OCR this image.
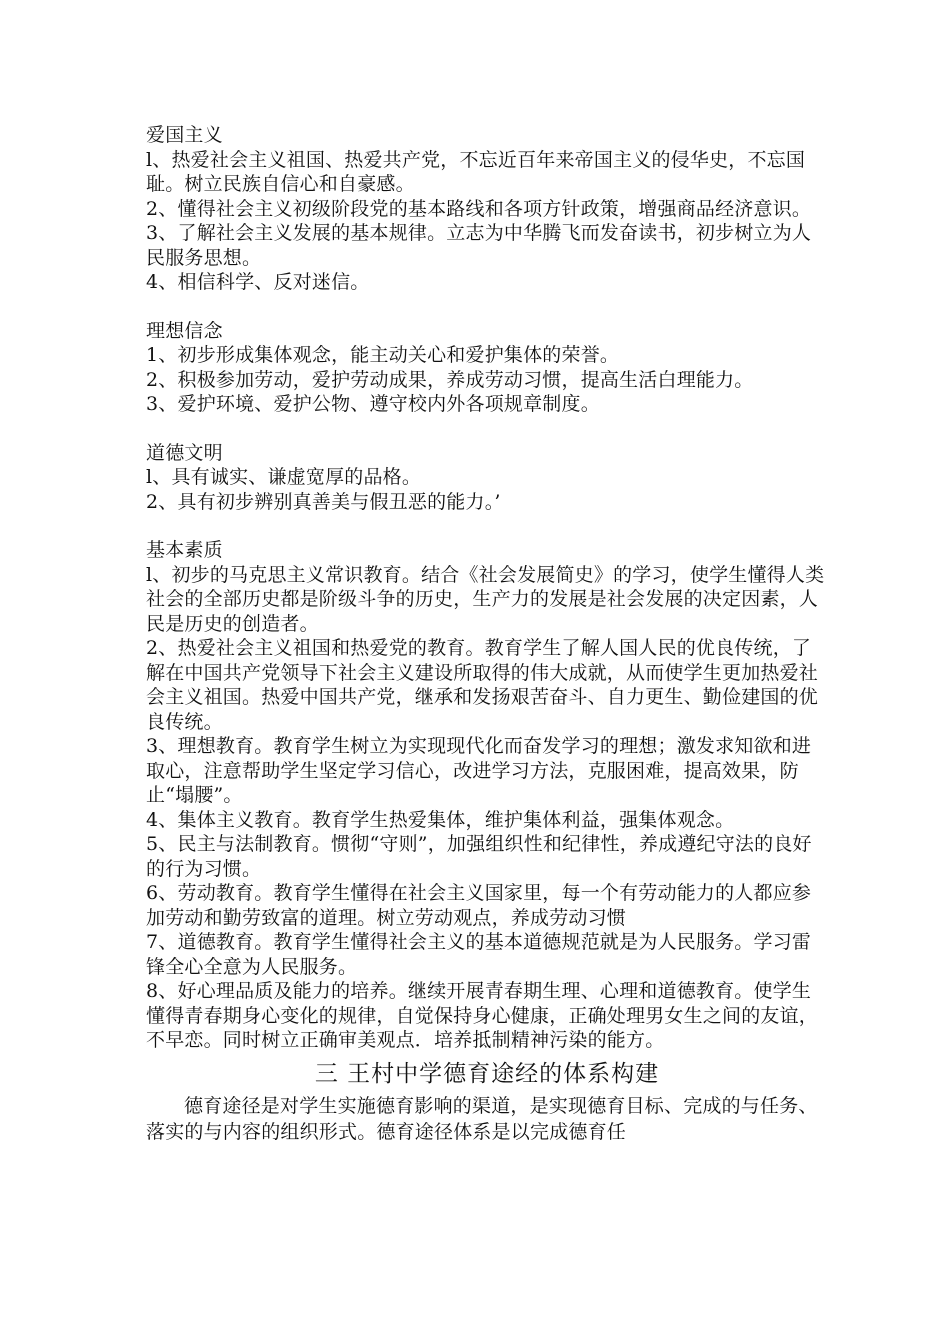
爱国主义
l、热爱社会主义祖国、热爱共产党，不忘近百年来帝国主义的侵华史，不忘国耻。树立民族自信心和自豪感。
2、懂得社会主义初级阶段党的基本路线和各项方针政策，增强商品经济意识。
3、了解社会主义发展的基本规律。立志为中华腾飞而发奋读书，初步树立为人民服务思想。
4、相信科学、反对迷信。
理想信念
1、初步形成集体观念，能主动关心和爱护集体的荣誉。
2、积极参加劳动，爱护劳动成果，养成劳动习惯，提高生活白理能力。
3、爱护环境、爱护公物、遵守校内外各项规章制度。
道德文明
l、具有诚实、谦虚宽厚的品格。
2、具有初步辨别真善美与假丑恶的能力。’
基本素质
l、初步的马克思主义常识教育。结合《社会发展简史》的学习，使学生懂得人类社会的全部历史都是阶级斗争的历史，生产力的发展是社会发展的决定因素，人民是历史的创造者。
2、热爱社会主义祖国和热爱党的教育。教育学生了解人国人民的优良传统，了解在中国共产党领导下社会主义建设所取得的伟大成就，从而使学生更加热爱社会主义祖国。热爱中国共产党，继承和发扬艰苦奋斗、自力更生、勤俭建国的优良传统。
3、理想教育。教育学生树立为实现现代化而奋发学习的理想；激发求知欲和进取心，注意帮助学生坚定学习信心，改进学习方法，克服困难，提高效果，防止“塌腰”。
4、集体主义教育。教育学生热爱集体，维护集体利益，强集体观念。
5、民主与法制教育。惯彻“守则”，加强组织性和纪律性，养成遵纪守法的良好的行为习惯。
6、劳动教育。教育学生懂得在社会主义国家里，每一个有劳动能力的人都应参加劳动和勤劳致富的道理。树立劳动观点，养成劳动习惯
7、道德教育。教育学生懂得社会主义的基本道德规范就是为人民服务。学习雷锋全心全意为人民服务。
8、好心理品质及能力的培养。继续开展青春期生理、心理和道德教育。使学生懂得青春期身心变化的规律，自觉保持身心健康，正确处理男女生之间的友谊，不早恋。同时树立正确审美观点．培养抵制精神污染的能方。
三 王村中学德育途经的体系构建
德育途径是对学生实施德育影响的渠道，是实现德育目标、完成的与任务、落实的与内容的组织形式。德育途径体系是以完成德育任
